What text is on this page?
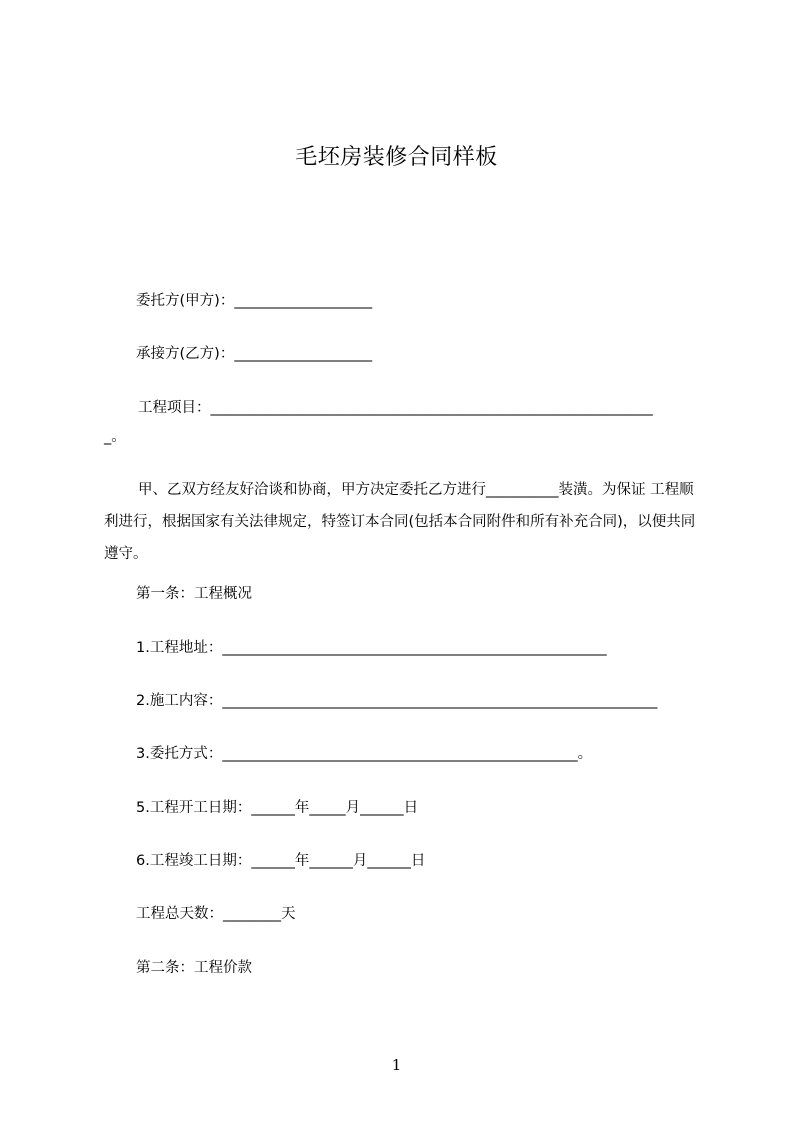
毛坯房装修合同样板
委托方(甲方)：___________________
承接方(乙方)：___________________
工程项目：_____________________________________________________________
_。
甲、乙双方经友好洽谈和协商，甲方决定委托乙方进行__________装潢。为保证 工程顺利进行，根据国家有关法律规定，特签订本合同(包括本合同附件和所有补充合同)，以便共同遵守。
第一条：工程概况
1.工程地址：_____________________________________________________
2.施工内容：____________________________________________________________
3.委托方式：_________________________________________________。
5.工程开工日期：______年_____月______日
6.工程竣工日期：______年______月______日
工程总天数：________天
第二条：工程价款
1
